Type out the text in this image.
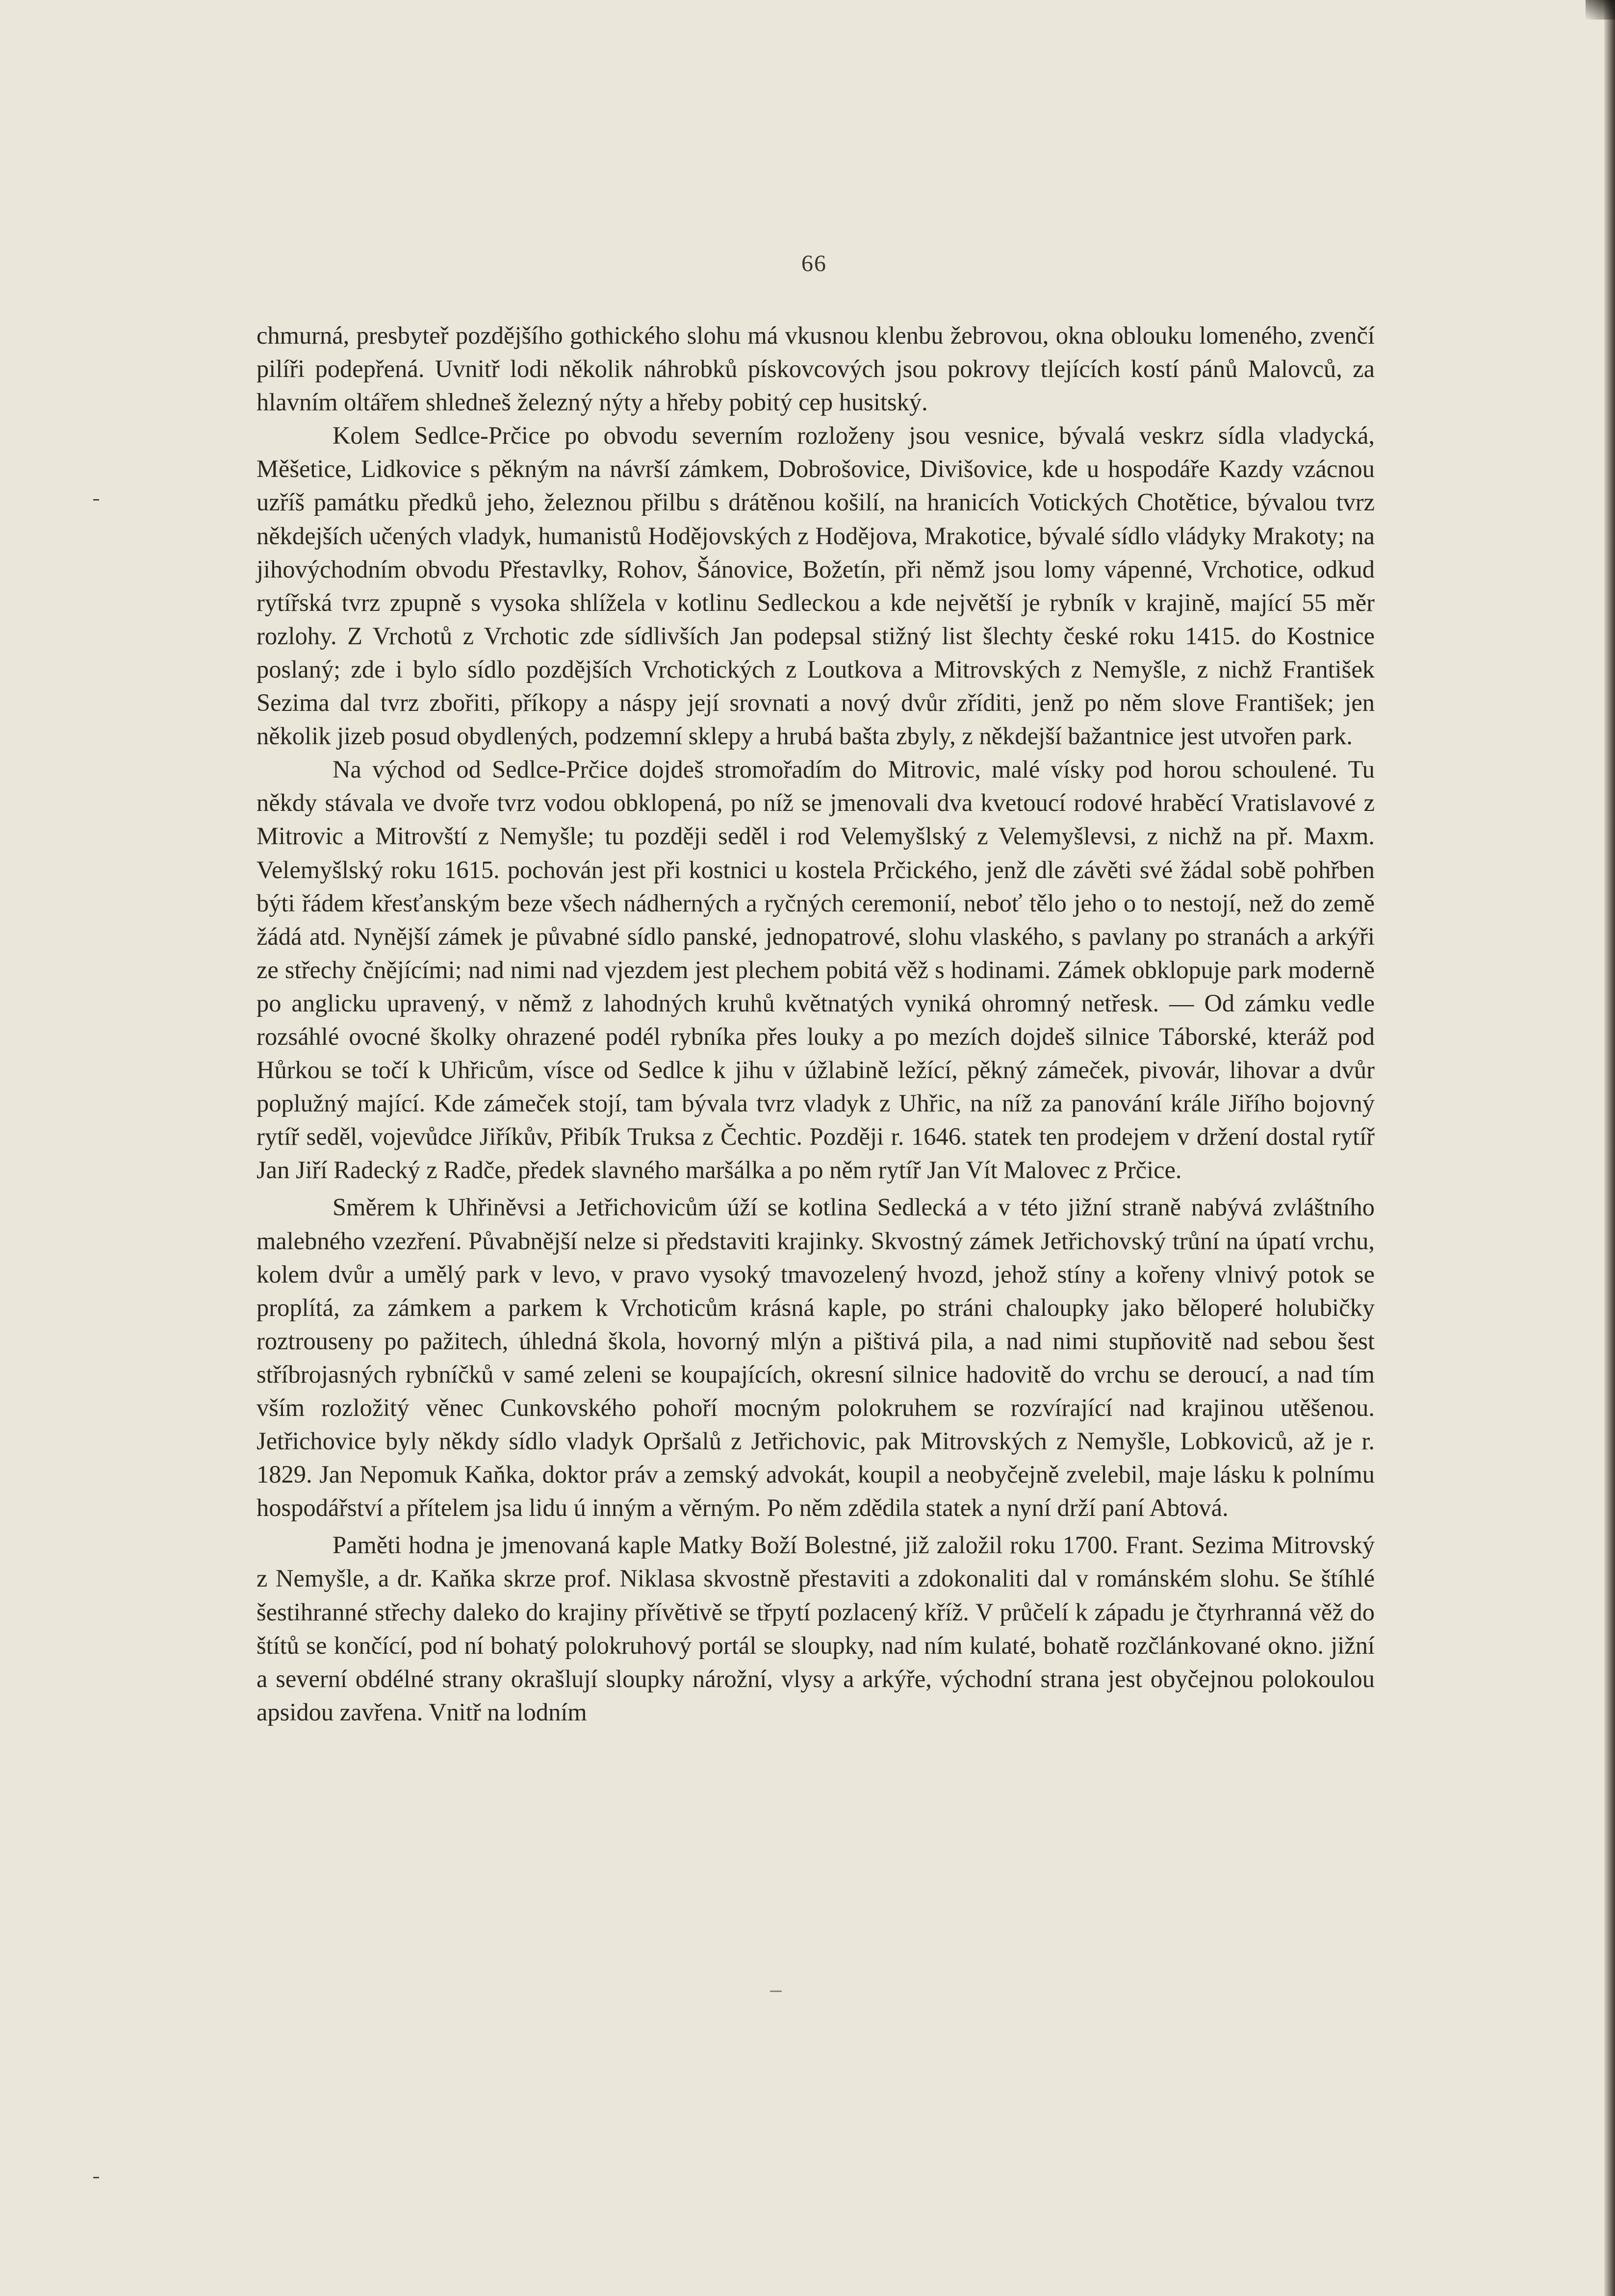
66

chmurná, presbyteř pozdějšího gothického slohu má vkusnou klenbu žebrovou, okna oblouku lomeného, zvenčí pilíři podepřená. Uvnitř lodi několik náhrobků pískovcových jsou pokrovy tlejících kostí pánů Malovců, za hlavním oltářem shledneš železný nýty a hřeby pobitý cep husitský.

Kolem Sedlce-Prčice po obvodu severním rozloženy jsou vesnice, bývalá veskrz sídla vladycká, Měšetice, Lidkovice s pěkným na návrší zámkem, Dobrošovice, Divišovice, kde u hospodáře Kazdy vzácnou uzříš památku předků jeho, železnou přilbu s drátěnou košilí, na hranicích Votických Chotětice, bývalou tvrz někdejších učených vladyk, humanistů Hodějovských z Hodějova, Mrakotice, bývalé sídlo vládyky Mrakoty; na jihovýchodním obvodu Přestavlky, Rohov, Šánovice, Božetín, při němž jsou lomy vápenné, Vrchotice, odkud rytířská tvrz zpupně s vysoka shlížela v kotlinu Sedleckou a kde největší je rybník v krajině, mající 55 měr rozlohy. Z Vrchotů z Vrchotic zde sídlivších Jan podepsal stižný list šlechty české roku 1415. do Kostnice poslaný; zde i bylo sídlo pozdějších Vrchotických z Loutkova a Mitrovských z Nemyšle, z nichž František Sezima dal tvrz zbořiti, příkopy a náspy její srovnati a nový dvůr zříditi, jenž po něm slove František; jen několik jizeb posud obydlených, podzemní sklepy a hrubá bašta zbyly, z někdejší bažantnice jest utvořen park.

Na východ od Sedlce-Prčice dojdeš stromořadím do Mitrovic, malé vísky pod horou schoulené. Tu někdy stávala ve dvoře tvrz vodou obklopená, po níž se jmenovali dva kvetoucí rodové hraběcí Vratislavové z Mitrovic a Mitrovští z Nemyšle; tu později seděl i rod Velemyšlský z Velemyšlevsi, z nichž na př. Maxm. Velemyšlský roku 1615. pochován jest při kostnici u kostela Prčického, jenž dle závěti své žádal sobě pohřben býti řádem křesťanským beze všech nádherných a ryčných ceremonií, neboť tělo jeho o to nestojí, než do země žádá atd. Nynější zámek je půvabné sídlo panské, jednopatrové, slohu vlaského, s pavlany po stranách a arkýři ze střechy čnějícími; nad nimi nad vjezdem jest plechem pobitá věž s hodinami. Zámek obklopuje park moderně po anglicku upravený, v němž z lahodných kruhů květnatých vyniká ohromný netřesk. — Od zámku vedle rozsáhlé ovocné školky ohrazené podél rybníka přes louky a po mezích dojdeš silnice Táborské, kteráž pod Hůrkou se točí k Uhřicům, vísce od Sedlce k jihu v úžlabině ležící, pěkný zámeček, pivovár, lihovar a dvůr poplužný mající. Kde zámeček stojí, tam bývala tvrz vladyk z Uhřic, na níž za panování krále Jiřího bojovný rytíř seděl, vojevůdce Jiříkův, Přibík Truksa z Čechtic. Později r. 1646. statek ten prodejem v držení dostal rytíř Jan Jiří Radecký z Radče, předek slavného maršálka a po něm rytíř Jan Vít Malovec z Prčice.

Směrem k Uhřiněvsi a Jetřichovicům úží se kotlina Sedlecká a v této jižní straně nabývá zvláštního malebného vzezření. Půvabnější nelze si představiti krajinky. Skvostný zámek Jetřichovský trůní na úpatí vrchu, kolem dvůr a umělý park v levo, v pravo vysoký tmavozelený hvozd, jehož stíny a kořeny vlnivý potok se proplítá, za zámkem a parkem k Vrchoticům krásná kaple, po stráni chaloupky jako běloperé holubičky roztrouseny po pažitech, úhledná škola, hovorný mlýn a pištivá pila, a nad nimi stupňovitě nad sebou šest stříbrojasných rybníčků v samé zeleni se koupajících, okresní silnice hadovitě do vrchu se deroucí, a nad tím vším rozložitý věnec Cunkovského pohoří mocným polokruhem se rozvírající nad krajinou utěšenou. Jetřichovice byly někdy sídlo vladyk Opršalů z Jetřichovic, pak Mitrovských z Nemyšle, Lobkoviců, až je r. 1829. Jan Nepomuk Kaňka, doktor práv a zemský advokát, koupil a neobyčejně zvelebil, maje lásku k polnímu hospodářství a přítelem jsa lidu ú inným a věrným. Po něm zdědila statek a nyní drží paní Abtová.

Paměti hodna je jmenovaná kaple Matky Boží Bolestné, již založil roku 1700. Frant. Sezima Mitrovský z Nemyšle, a dr. Kaňka skrze prof. Niklasa skvostně přestaviti a zdokonaliti dal v románském slohu. Se štíhlé šestihranné střechy daleko do krajiny přívětivě se třpytí pozlacený kříž. V průčelí k západu je čtyrhranná věž do štítů se končící, pod ní bohatý polokruhový portál se sloupky, nad ním kulaté, bohatě rozčlánkované okno. jižní a severní obdélné strany okrašlují sloupky nárožní, vlysy a arkýře, východní strana jest obyčejnou polokoulou apsidou zavřena. Vnitř na lodním
